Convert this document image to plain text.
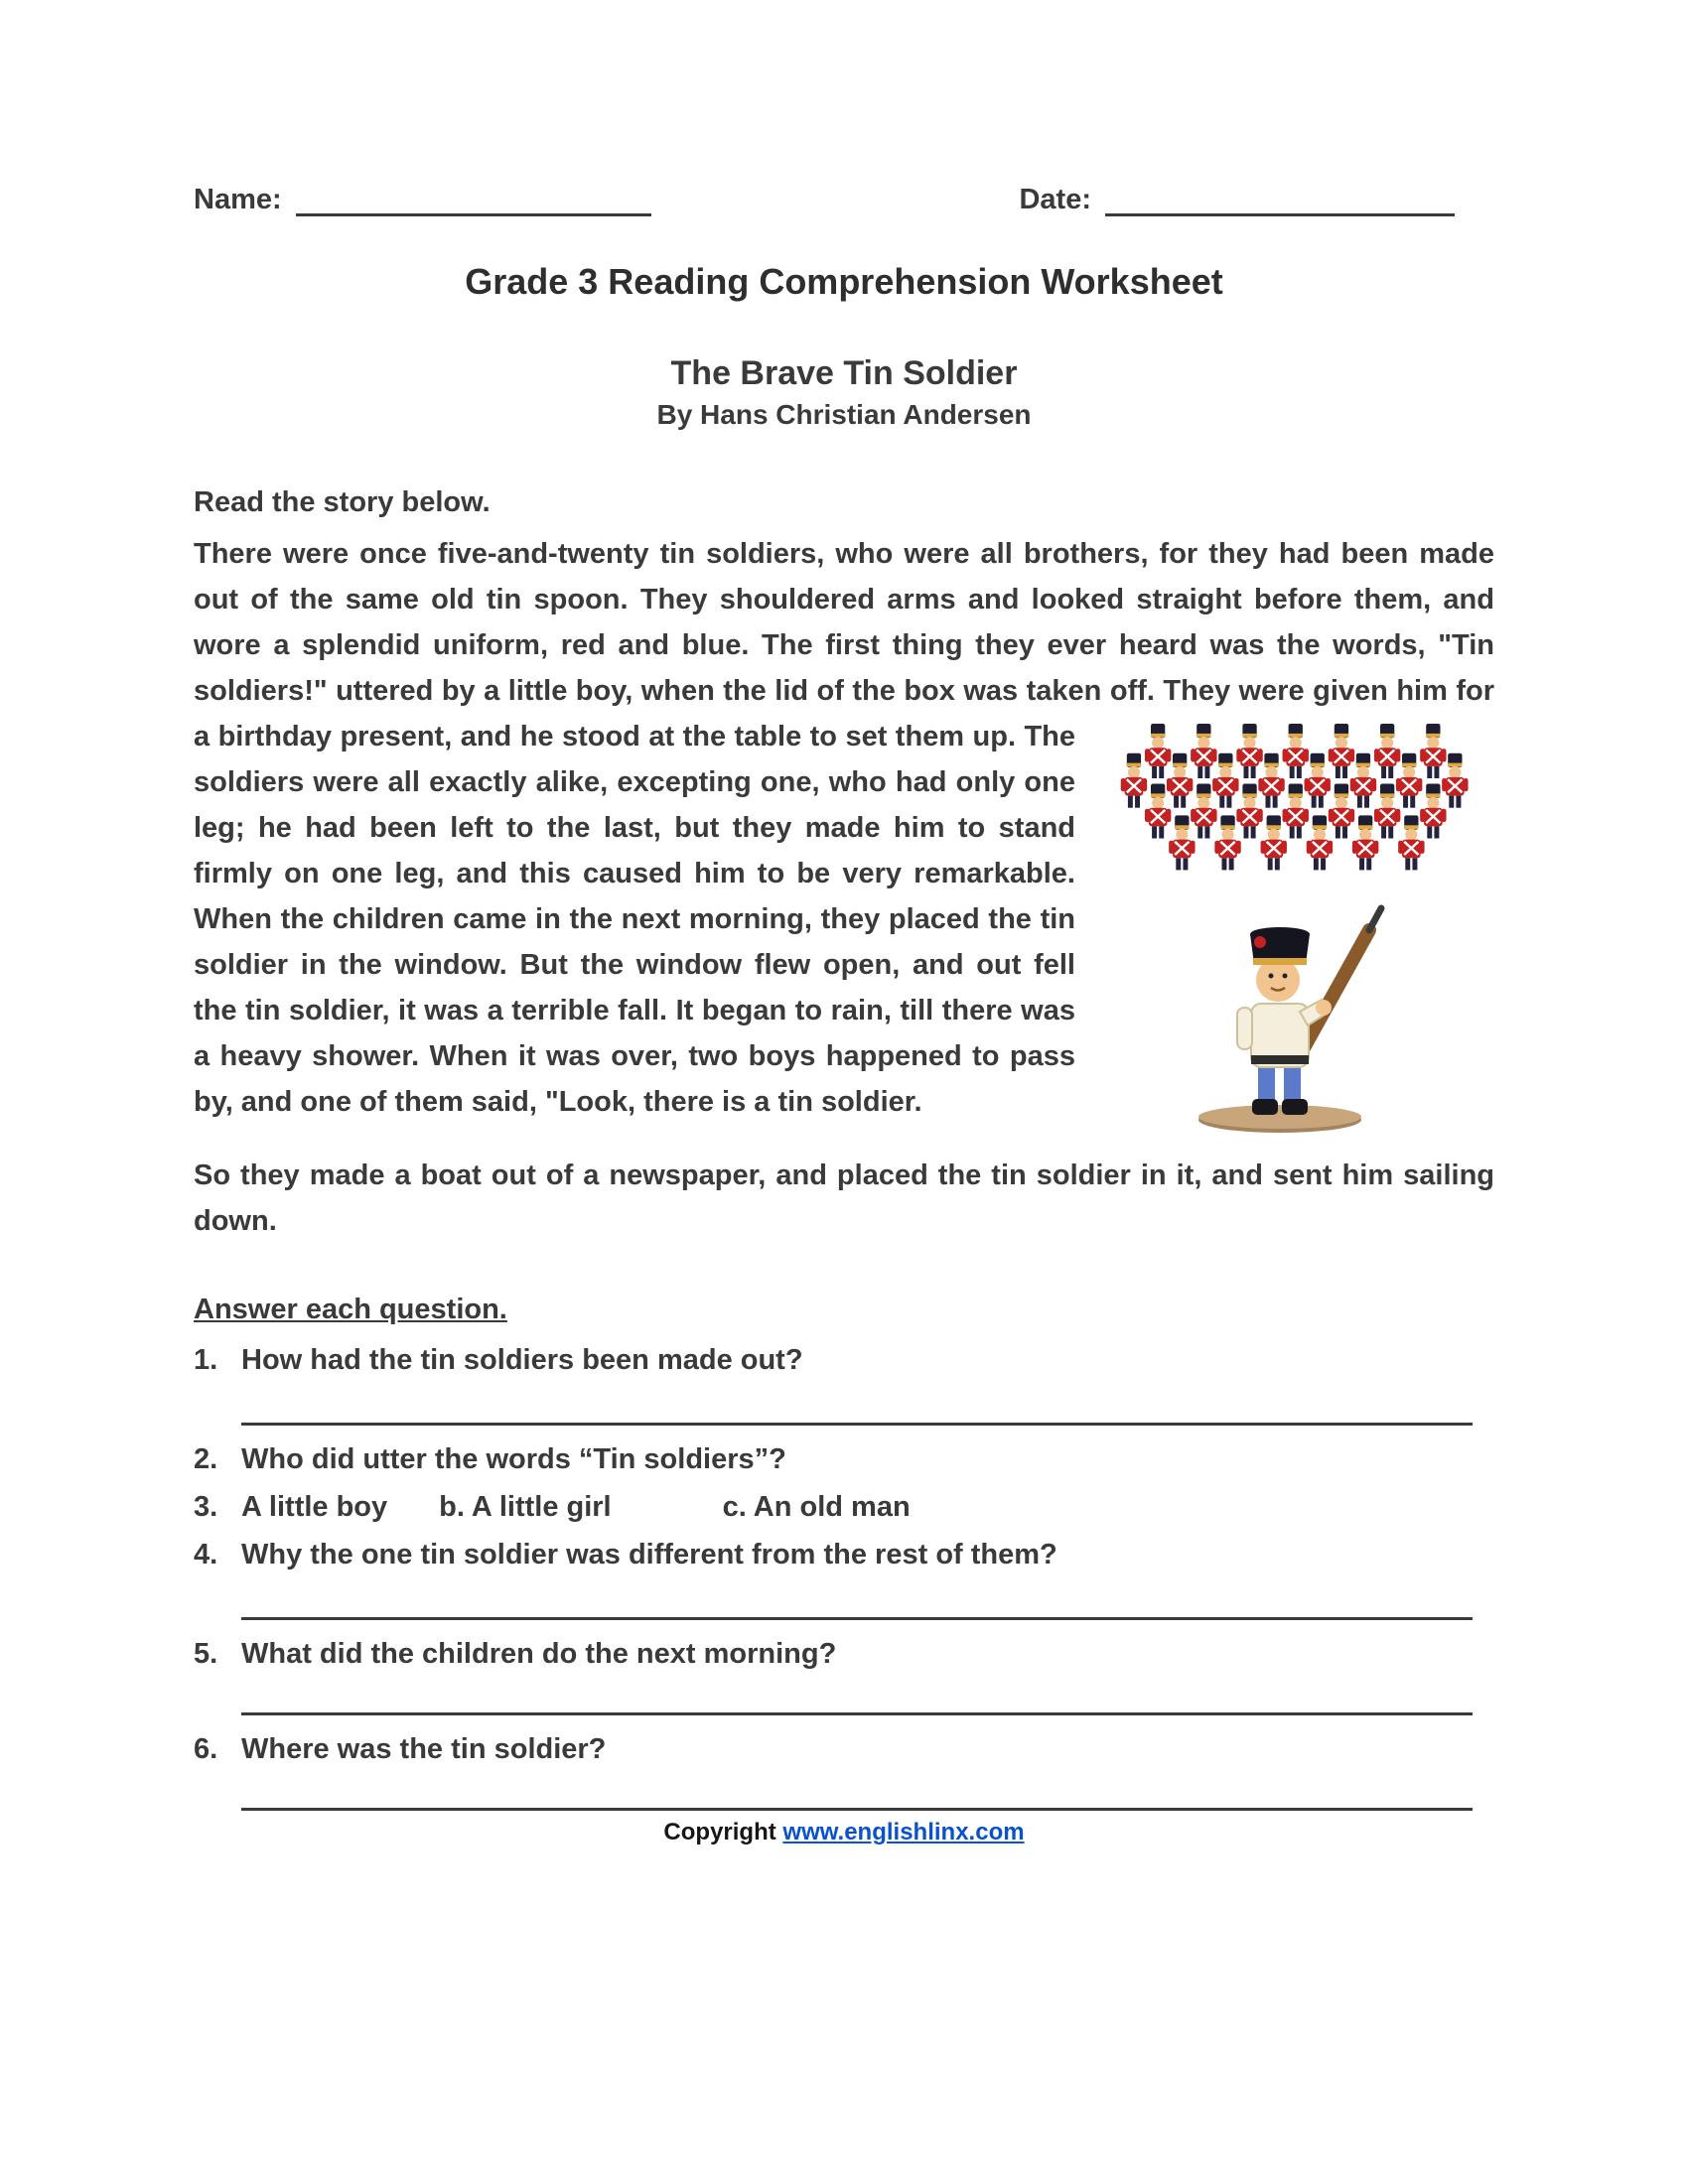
Name:	Date:
Grade 3 Reading Comprehension Worksheet
The Brave Tin Soldier
By Hans Christian Andersen
Read the story below.
There were once five-and-twenty tin soldiers, who were all brothers, for they had been made out of the same old tin spoon. They shouldered arms and looked straight before them, and wore a splendid uniform, red and blue. The first thing they ever heard was the words, "Tin soldiers!" uttered by a little boy, when the lid of the box was taken off. They were given him for a birthday present, and he stood at the table to set them up. The soldiers were all exactly alike, excepting one, who had only one leg; he had been left to the last, but they made him to stand firmly on one leg, and this caused him to be very remarkable. When the children came in the next morning, they placed the tin soldier in the window. But the window flew open, and out fell the tin soldier, it was a terrible fall. It began to rain, till there was a heavy shower. When it was over, two boys happened to pass by, and one of them said, "Look, there is a tin soldier.
So they made a boat out of a newspaper, and placed the tin soldier in it, and sent him sailing down.
Answer each question.
1. How had the tin soldiers been made out?
2. Who did utter the words “Tin soldiers”?
3. A little boy b. A little girl	c. An old man
4. Why the one tin soldier was different from the rest of them?
5. What did the children do the next morning?
6. Where was the tin soldier?
Copyright www.englishlinx.com
